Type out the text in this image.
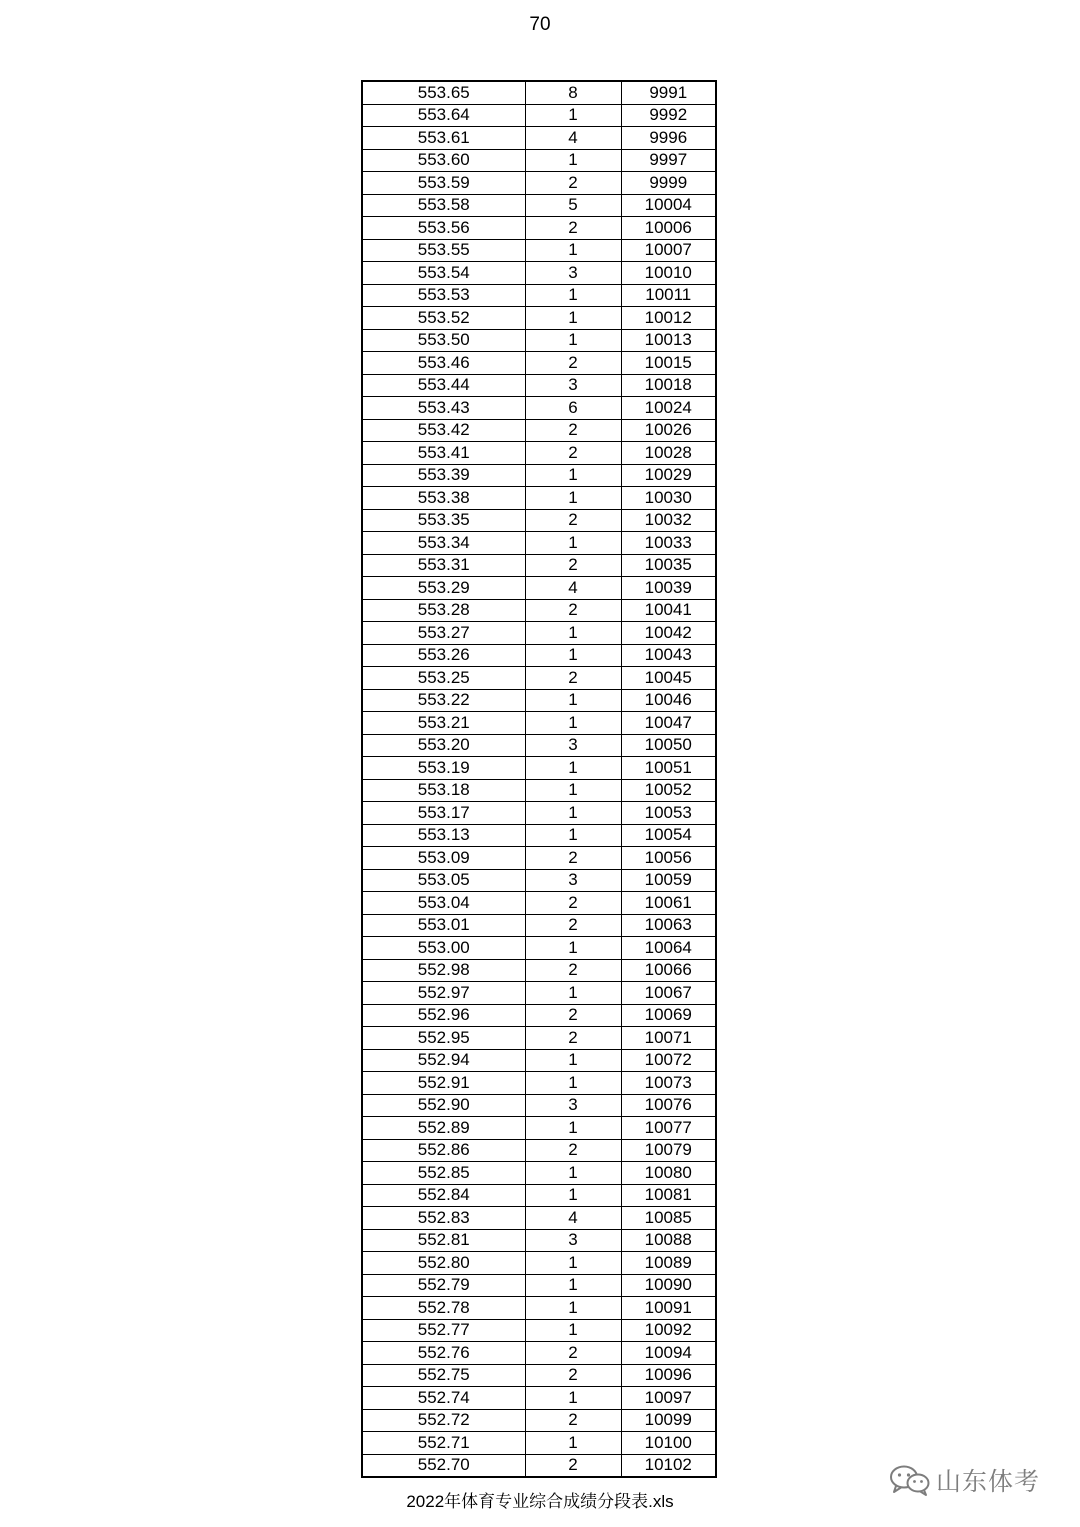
70
553.65	8	9991
553.64	1	9992
553.61	4	9996
553.60	1	9997
553.59	2	9999
553.58	5	10004
553.56	2	10006
553.55	1	10007
553.54	3	10010
553.53	1	10011
553.52	1	10012
553.50	1	10013
553.46	2	10015
553.44	3	10018
553.43	6	10024
553.42	2	10026
553.41	2	10028
553.39	1	10029
553.38	1	10030
553.35	2	10032
553.34	1	10033
553.31	2	10035
553.29	4	10039
553.28	2	10041
553.27	1	10042
553.26	1	10043
553.25	2	10045
553.22	1	10046
553.21	1	10047
553.20	3	10050
553.19	1	10051
553.18	1	10052
553.17	1	10053
553.13	1	10054
553.09	2	10056
553.05	3	10059
553.04	2	10061
553.01	2	10063
553.00	1	10064
552.98	2	10066
552.97	1	10067
552.96	2	10069
552.95	2	10071
552.94	1	10072
552.91	1	10073
552.90	3	10076
552.89	1	10077
552.86	2	10079
552.85	1	10080
552.84	1	10081
552.83	4	10085
552.81	3	10088
552.80	1	10089
552.79	1	10090
552.78	1	10091
552.77	1	10092
552.76	2	10094
552.75	2	10096
552.74	1	10097
552.72	2	10099
552.71	1	10100
552.70	2	10102
2022年体育专业综合成绩分段表.xls
山东体考
